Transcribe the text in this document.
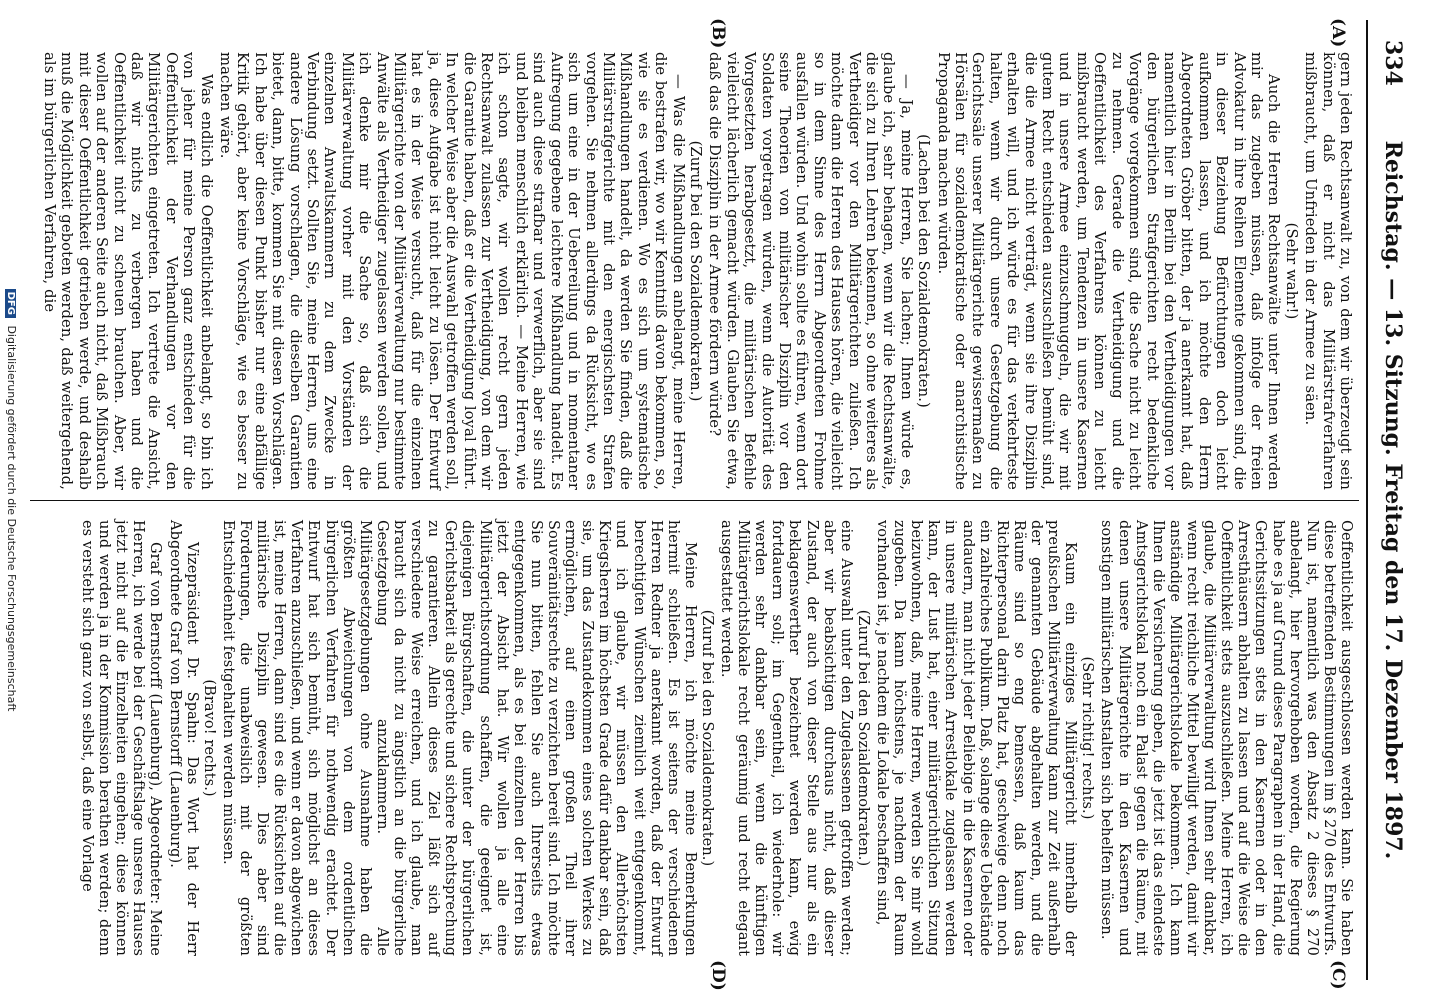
334
Reichstag. — 13. Sitzung. Freitag den 17. Dezember 1897.
(A)
(B)
(C)
(D)

gern jeden Rechtsanwalt zu, von dem wir überzeugt sein können, daß er nicht das Militärstrafverfahren mißbraucht, um Unfrieden in der Armee zu säen.

(Sehr wahr!)

Auch die Herren Rechtsanwälte unter Ihnen werden mir das zugeben müssen, daß infolge der freien Advokatur in ihre Reihen Elemente gekommen sind, die in dieser Beziehung Befürchtungen doch leicht aufkommen lassen, und ich möchte den Herrn Abgeordneten Gröber bitten, der ja anerkannt hat, daß namentlich hier in Berlin bei den Vertheidigungen vor den bürgerlichen Strafgerichten recht bedenkliche Vorgänge vorgekommen sind, die Sache nicht zu leicht zu nehmen. Gerade die Vertheidigung und die Oeffentlichkeit des Verfahrens können zu leicht mißbraucht werden, um Tendenzen in unsere Kasernen und in unsere Armee einzuschmuggeln, die wir mit gutem Recht entschieden auszuschließen bemüht sind, die die Armee nicht verträgt, wenn sie ihre Disziplin erhalten will, und ich würde es für das verkehrteste halten, wenn wir durch unsere Gesetzgebung die Gerichtssäle unserer Militärgerichte gewissermaßen zu Hörsälen für sozialdemokratische oder anarchistische Propaganda machen würden.

(Lachen bei den Sozialdemokraten.)

— Ja, meine Herren, Sie lachen; Ihnen würde es, glaube ich, sehr behagen, wenn wir die Rechtsanwälte, die sich zu Ihren Lehren bekennen, so ohne weiteres als Vertheidiger vor den Militärgerichten zuließen. Ich möchte dann die Herren des Hauses hören, die vielleicht so in dem Sinne des Herrn Abgeordneten Frohme ausfallen würden. Und wohin sollte es führen, wenn dort seine Theorien von militärischer Disziplin vor den Soldaten vorgetragen würden, wenn die Autorität des Vorgesetzten herabgesetzt, die militärischen Befehle vielleicht lächerlich gemacht würden. Glauben Sie etwa, daß das die Disziplin in der Armee fördern würde?

(Zuruf bei den Sozialdemokraten.)

— Was die Mißhandlungen anbelangt, meine Herren, die bestrafen wir, wo wir Kenntniß davon bekommen, so, wie sie es verdienen. Wo es sich um systematische Mißhandlungen handelt, da werden Sie finden, daß die Militärstrafgerichte mit den energischsten Strafen vorgehen. Sie nehmen allerdings da Rücksicht, wo es sich um eine in der Uebereilung und in momentaner Aufregung gegebene leichtere Mißhandlung handelt. Es sind auch diese strafbar und verwerflich, aber sie sind und bleiben menschlich erklärlich. — Meine Herren, wie ich schon sagte, wir wollen recht gern jeden Rechtsanwalt zulassen zur Vertheidigung, von dem wir die Garantie haben, daß er die Vertheidigung loyal führt. In welcher Weise aber die Auswahl getroffen werden soll, ja, diese Aufgabe ist nicht leicht zu lösen. Der Entwurf hat es in der Weise versucht, daß für die einzelnen Militärgerichte von der Militärverwaltung nur bestimmte Anwälte als Vertheidiger zugelassen werden sollen, und ich denke mir die Sache so, daß sich die Militärverwaltung vorher mit den Vorständen der einzelnen Anwaltskammern zu dem Zwecke in Verbindung setzt. Sollten Sie, meine Herren, uns eine andere Lösung vorschlagen, die dieselben Garantien bietet, dann, bitte, kommen Sie mit diesen Vorschlägen. Ich habe über diesen Punkt bisher nur eine abfällige Kritik gehört, aber keine Vorschläge, wie es besser zu machen wäre.

Was endlich die Oeffentlichkeit anbelangt, so bin ich von jeher für meine Person ganz entschieden für die Oeffentlichkeit der Verhandlungen vor den Militärgerichten eingetreten. Ich vertrete die Ansicht, daß wir nichts zu verbergen haben und die Oeffentlichkeit nicht zu scheuen brauchen. Aber, wir wollen auf der anderen Seite auch nicht, daß Mißbrauch mit dieser Oeffentlichkeit getrieben werde, und deshalb muß die Möglichkeit geboten werden, daß weitergehend, als im bürgerlichen Verfahren, die

Oeffentlichkeit ausgeschlossen werden kann. Sie haben diese betreffenden Bestimmungen im § 270 des Entwurfs. Nun ist, namentlich was den Absatz 2 dieses § 270 anbelangt, hier hervorgehoben worden, die Regierung habe es ja auf Grund dieses Paragraphen in der Hand, die Gerichtssitzungen stets in den Kasernen oder in den Arresthäusern abhalten zu lassen und auf die Weise die Oeffentlichkeit stets auszuschließen. Meine Herren, ich glaube, die Militärverwaltung wird Ihnen sehr dankbar, wenn recht reichliche Mittel bewilligt werden, damit wir anständige Militärgerichtslokale bekommen. Ich kann Ihnen die Versicherung geben, die jetzt ist das elendeste Amtsgerichtslokal noch ein Palast gegen die Räume, mit denen unsere Militärgerichte in den Kasernen und sonstigen militärischen Anstalten sich behelfen müssen.

(Sehr richtig! rechts.)

Kaum ein einziges Militärgericht innerhalb der preußischen Militärverwaltung kann zur Zeit außerhalb der genannten Gebäude abgehalten werden, und die Räume sind so eng bemessen, daß kaum das Richterpersonal darin Platz hat, geschweige denn noch ein zahlreiches Publikum. Daß, solange diese Uebelstände andauern, man nicht jeder Beliebige in die Kasernen oder in unsere militärischen Arrestlokale zugelassen werden kann, der Lust hat, einer militärgerichtlichen Sitzung beizuwohnen, daß, meine Herren, werden Sie mir wohl zugeben. Da kann höchstens, je nachdem der Raum vorhanden ist, je nachdem die Lokale beschaffen sind,

(Zuruf bei den Sozialdemokraten.)

eine Auswahl unter den Zugelassenen getroffen werden; aber wir beabsichtigen durchaus nicht, daß dieser Zustand, der auch von dieser Stelle aus nur als ein beklagenswerther bezeichnet werden kann, ewig fortdauern soll; im Gegentheil, ich wiederhole: wir werden sehr dankbar sein, wenn die künftigen Militärgerichtslokale recht geräumig und recht elegant ausgestattet werden.

(Zuruf bei den Sozialdemokraten.)

Meine Herren, ich möchte meine Bemerkungen hiermit schließen. Es ist seitens der verschiedenen Herren Redner ja anerkannt worden, daß der Entwurf berechtigten Wünschen ziemlich weit entgegenkommt, und ich glaube, wir müssen den Allerhöchsten Kriegsherren im höchsten Grade dafür dankbar sein, daß sie, um das Zustandekommen eines solchen Werkes zu ermöglichen, auf einen großen Theil ihrer Souveränitätsrechte zu verzichten bereit sind. Ich möchte Sie nun bitten, fehlen Sie auch Ihrerseits etwas entgegenkommen, als es bei einzelnen der Herren bis jetzt der Absicht hat. Wir wollen ja alle eine Militärgerichtsordnung schaffen, die geeignet ist, diejenigen Bürgschaften, die unter der bürgerlichen Gerichtsbarkeit als gerechte und sichere Rechtsprechung zu garantieren. Allein dieses Ziel läßt sich auf verschiedene Weise erreichen, und ich glaube, man braucht sich da nicht zu ängstlich an die bürgerliche Gesetzgebung anzuklammern. Alle Militärgesetzgebungen ohne Ausnahme haben die größten Abweichungen von dem ordentlichen bürgerlichen Verfahren für nothwendig erachtet. Der Entwurf hat sich bemüht, sich möglichst an dieses Verfahren anzuschließen, und wenn er davon abgewichen ist, meine Herren, dann sind es die Rücksichten auf die militärische Disziplin gewesen. Dies aber sind Forderungen, die unabweislich mit der größten Entschiedenheit festgehalten werden müssen.

(Bravo! rechts.)

Vizepräsident Dr. Spahn: Das Wort hat der Herr Abgeordnete Graf von Bernstorff (Lauenburg).

Graf von Bernstorff (Lauenburg), Abgeordneter: Meine Herren, ich werde bei der Geschäftslage unseres Hauses jetzt nicht auf die Einzelheiten eingehen; diese können und werden ja in der Kommission berathen werden; denn es versteht sich ganz von selbst, daß eine Vorlage

DFG Digitalisierung gefördert durch die Deutsche Forschungsgemeinschaft
